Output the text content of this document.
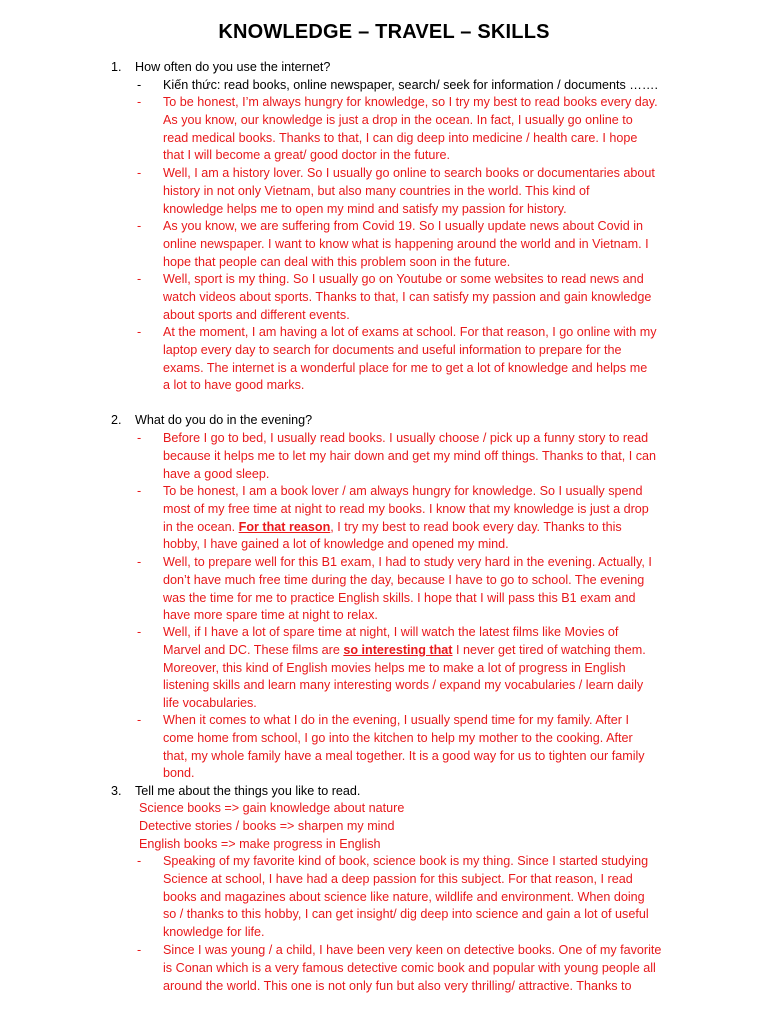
KNOWLEDGE – TRAVEL – SKILLS
1. How often do you use the internet?
- Kiến thức: read books, online newspaper, search/ seek for information / documents …….
- To be honest, I’m always hungry for knowledge, so I try my best to read books every day.
As you know, our knowledge is just a drop in the ocean. In fact, I usually go online to
read medical books. Thanks to that, I can dig deep into medicine / health care. I hope
that I will become a great/ good doctor in the future.
- Well, I am a history lover. So I usually go online to search books or documentaries about
history in not only Vietnam, but also many countries in the world. This kind of
knowledge helps me to open my mind and satisfy my passion for history.
- As you know, we are suffering from Covid 19. So I usually update news about Covid in
online newspaper. I want to know what is happening around the world and in Vietnam. I
hope that people can deal with this problem soon in the future.
- Well, sport is my thing. So I usually go on Youtube or some websites to read news and
watch videos about sports. Thanks to that, I can satisfy my passion and gain knowledge
about sports and different events.
- At the moment, I am having a lot of exams at school. For that reason, I go online with my
laptop every day to search for documents and useful information to prepare for the
exams. The internet is a wonderful place for me to get a lot of knowledge and helps me
a lot to have good marks.
2. What do you do in the evening?
- Before I go to bed, I usually read books. I usually choose / pick up a funny story to read
because it helps me to let my hair down and get my mind off things. Thanks to that, I can
have a good sleep.
- To be honest, I am a book lover / am always hungry for knowledge. So I usually spend
most of my free time at night to read my books. I know that my knowledge is just a drop
in the ocean. For that reason, I try my best to read book every day. Thanks to this
hobby, I have gained a lot of knowledge and opened my mind.
- Well, to prepare well for this B1 exam, I had to study very hard in the evening. Actually, I
don’t have much free time during the day, because I have to go to school. The evening
was the time for me to practice English skills. I hope that I will pass this B1 exam and
have more spare time at night to relax.
- Well, if I have a lot of spare time at night, I will watch the latest films like Movies of
Marvel and DC. These films are so interesting that I never get tired of watching them.
Moreover, this kind of English movies helps me to make a lot of progress in English
listening skills and learn many interesting words / expand my vocabularies / learn daily
life vocabularies.
- When it comes to what I do in the evening, I usually spend time for my family. After I
come home from school, I go into the kitchen to help my mother to the cooking. After
that, my whole family have a meal together. It is a good way for us to tighten our family
bond.
3. Tell me about the things you like to read.
Science books => gain knowledge about nature
Detective stories / books => sharpen my mind
English books => make progress in English
- Speaking of my favorite kind of book, science book is my thing. Since I started studying
Science at school, I have had a deep passion for this subject. For that reason, I read
books and magazines about science like nature, wildlife and environment. When doing
so / thanks to this hobby, I can get insight/ dig deep into science and gain a lot of useful
knowledge for life.
- Since I was young / a child, I have been very keen on detective books. One of my favorite
is Conan which is a very famous detective comic book and popular with young people all
around the world. This one is not only fun but also very thrilling/ attractive. Thanks to
